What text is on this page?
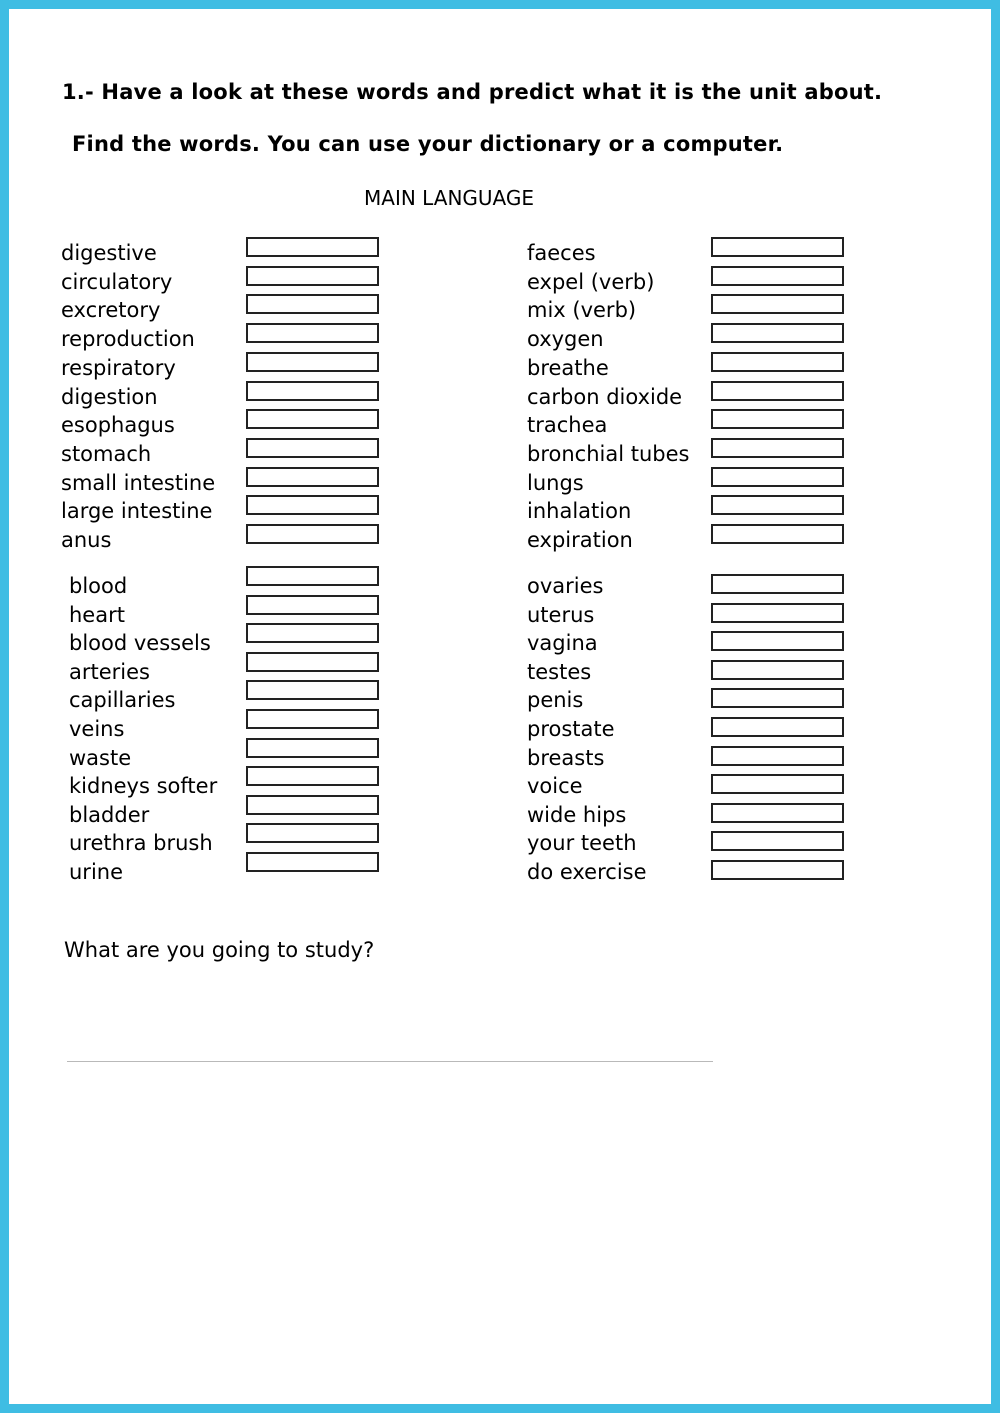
1.- Have a look at these words and predict what it is the unit about.
Find the words. You can use your dictionary or a computer.
MAIN LANGUAGE
digestive
circulatory
excretory
reproduction
respiratory
digestion
esophagus
stomach
small intestine
large intestine
anus
faeces
expel (verb)
mix (verb)
oxygen
breathe
carbon dioxide
trachea
bronchial tubes
lungs
inhalation
expiration
blood
heart
blood vessels
arteries
capillaries
veins
waste
kidneys softer
bladder
urethra brush
urine
ovaries
uterus
vagina
testes
penis
prostate
breasts
voice
wide hips
your teeth
do exercise
What are you going to study?
